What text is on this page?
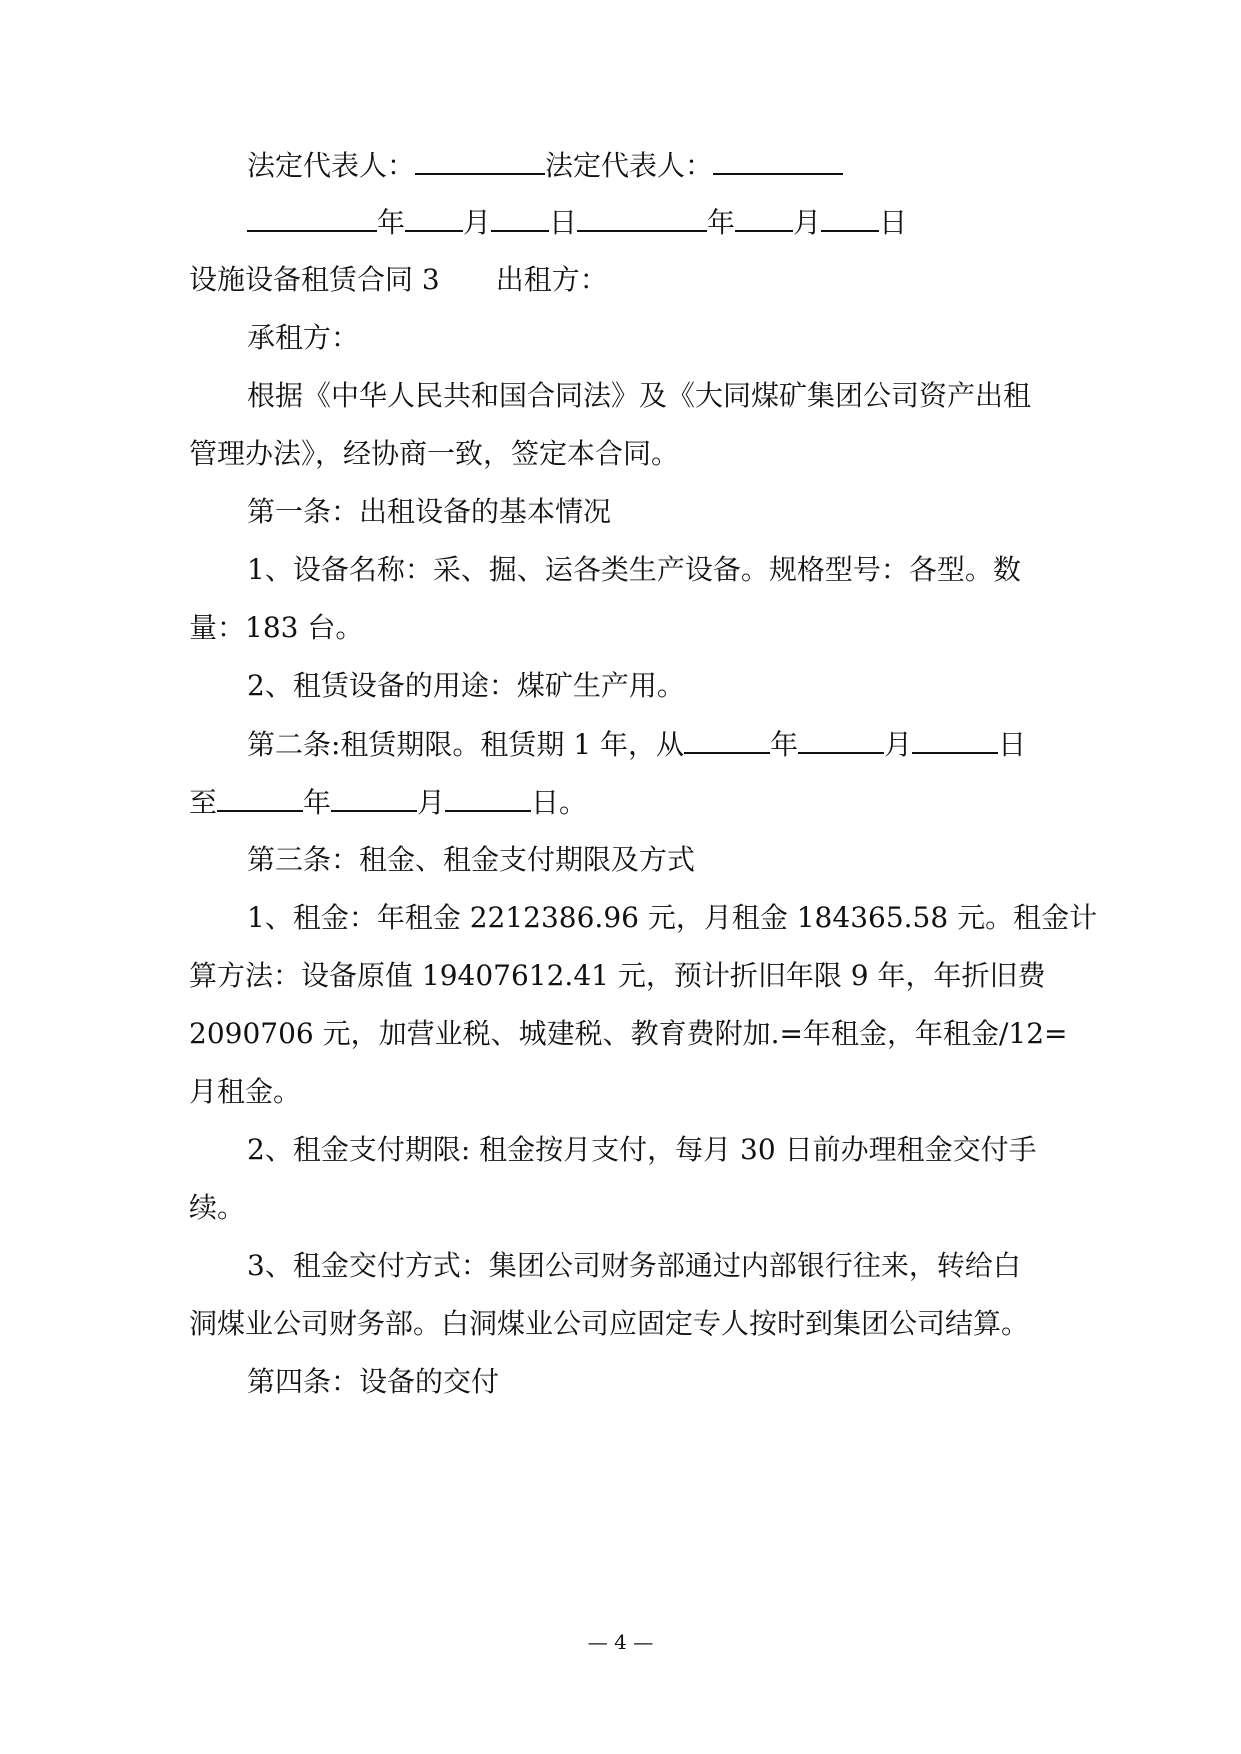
法定代表人：	法定代表人：
年 月 日	年 月 日
设施设备租赁合同 3 出租方：
承租方：
根据《中华人民共和国合同法》及《大同煤矿集团公司资产出租
管理办法》，经协商一致，签定本合同。
第一条：出租设备的基本情况
1、设备名称：采、掘、运各类生产设备。规格型号：各型。数
量：183 台。
2、租赁设备的用途：煤矿生产用。
第二条:租赁期限。租赁期 1 年，从	年	月	日
至	年	月	日。
第三条：租金、租金支付期限及方式
1、租金：年租金 2212386.96 元，月租金 184365.58 元。租金计
算方法：设备原值 19407612.41 元，预计折旧年限 9 年，年折旧费
2090706 元，加营业税、城建税、教育费附加.=年租金，年租金/12=
月租金。
2、租金支付期限: 租金按月支付，每月 30 日前办理租金交付手
续。
3、租金交付方式：集团公司财务部通过内部银行往来，转给白
洞煤业公司财务部。白洞煤业公司应固定专人按时到集团公司结算。
第四条：设备的交付
— 4 —
